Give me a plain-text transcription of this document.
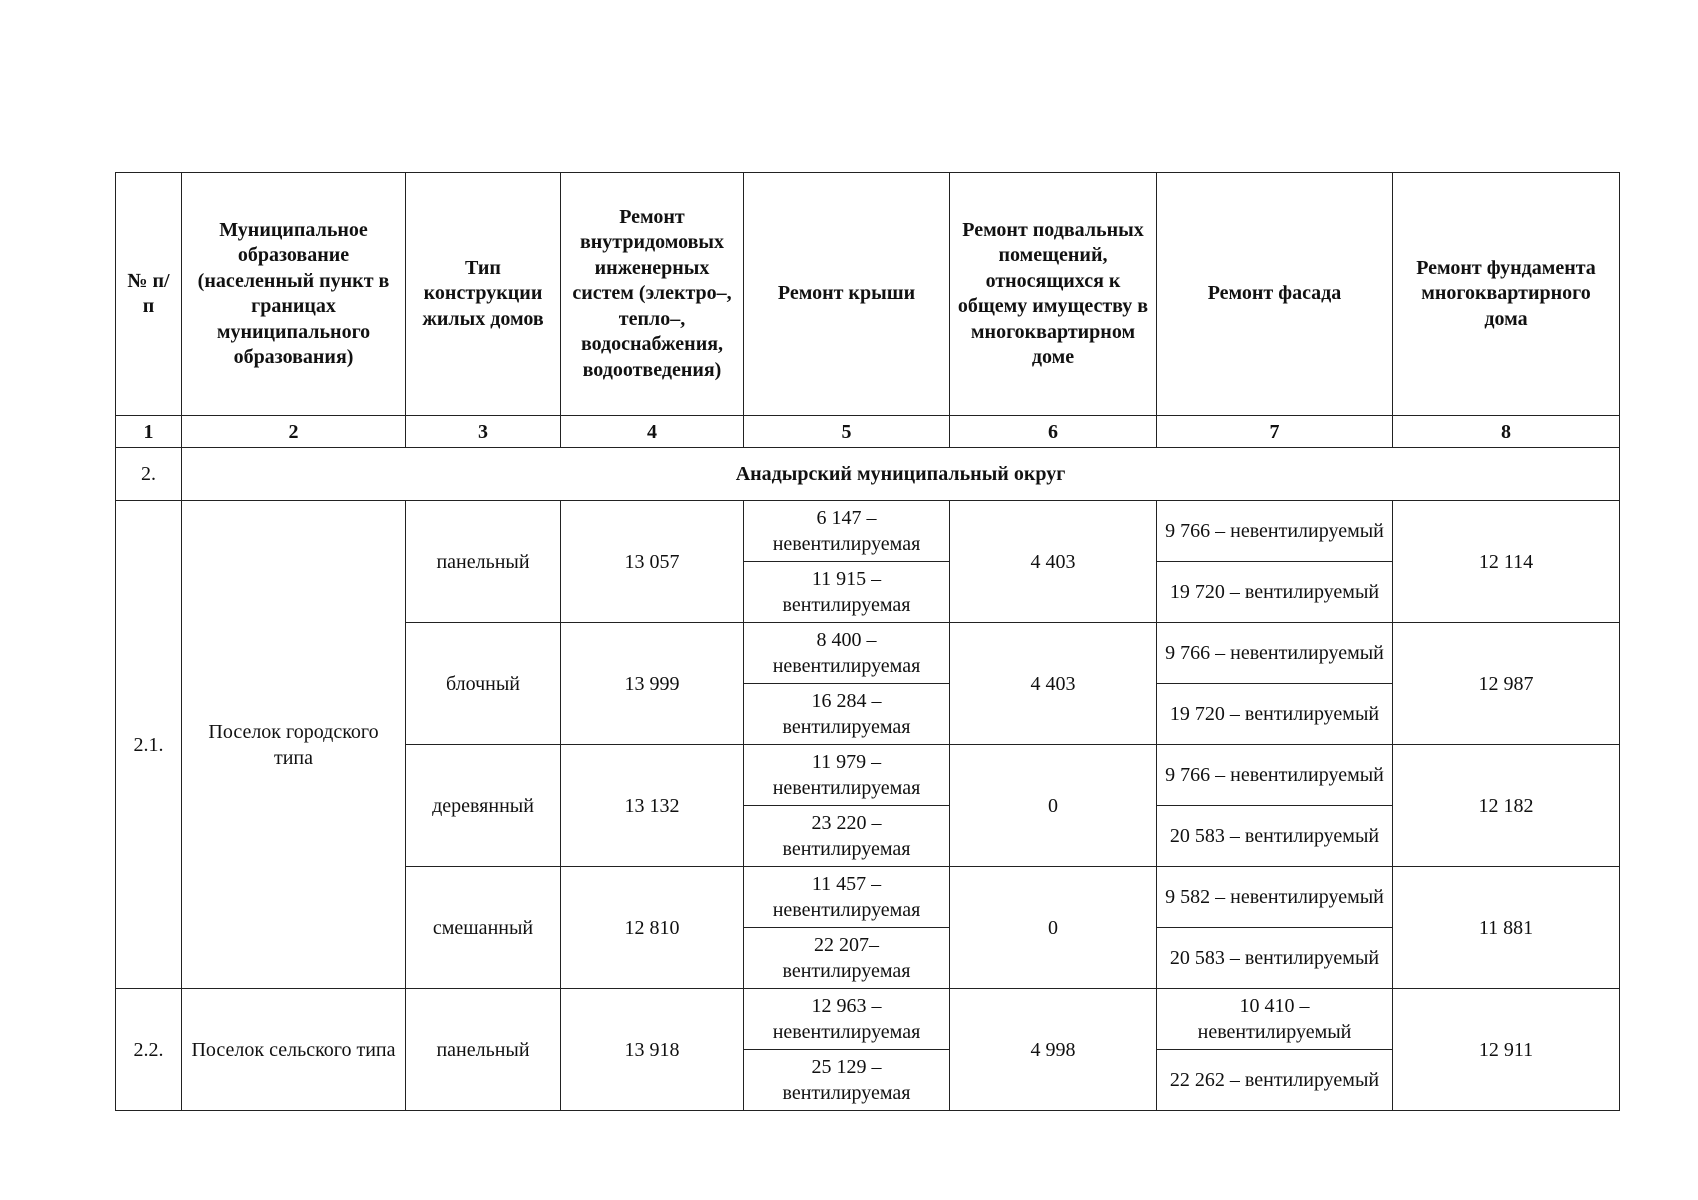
№ п/п	Муниципальное образование (населенный пункт в границах муниципального образования)	Тип конструкции жилых домов	Ремонт внутридомовых инженерных систем (электро–, тепло–, водоснабжения, водоотведения)	Ремонт крыши	Ремонт подвальных помещений, относящихся к общему имуществу в многоквартирном доме	Ремонт фасада	Ремонт фундамента многоквартирного дома
1	2	3	4	5	6	7	8
2.	Анадырский муниципальный округ						
2.1.	Поселок городского типа	панельный	13 057	6 147 – невентилируемая	4 403	9 766 – невентилируемый	12 114
				11 915 – вентилируемая		19 720 – вентилируемый	
		блочный	13 999	8 400 – невентилируемая	4 403	9 766 – невентилируемый	12 987
				16 284 – вентилируемая		19 720 – вентилируемый	
		деревянный	13 132	11 979 – невентилируемая	0	9 766 – невентилируемый	12 182
				23 220 – вентилируемая		20 583 – вентилируемый	
		смешанный	12 810	11 457 – невентилируемая	0	9 582 – невентилируемый	11 881
				22 207– вентилируемая		20 583 – вентилируемый	
2.2.	Поселок сельского типа	панельный	13 918	12 963 – невентилируемая	4 998	10 410 – невентилируемый	12 911
				25 129 – вентилируемая		22 262 – вентилируемый	
